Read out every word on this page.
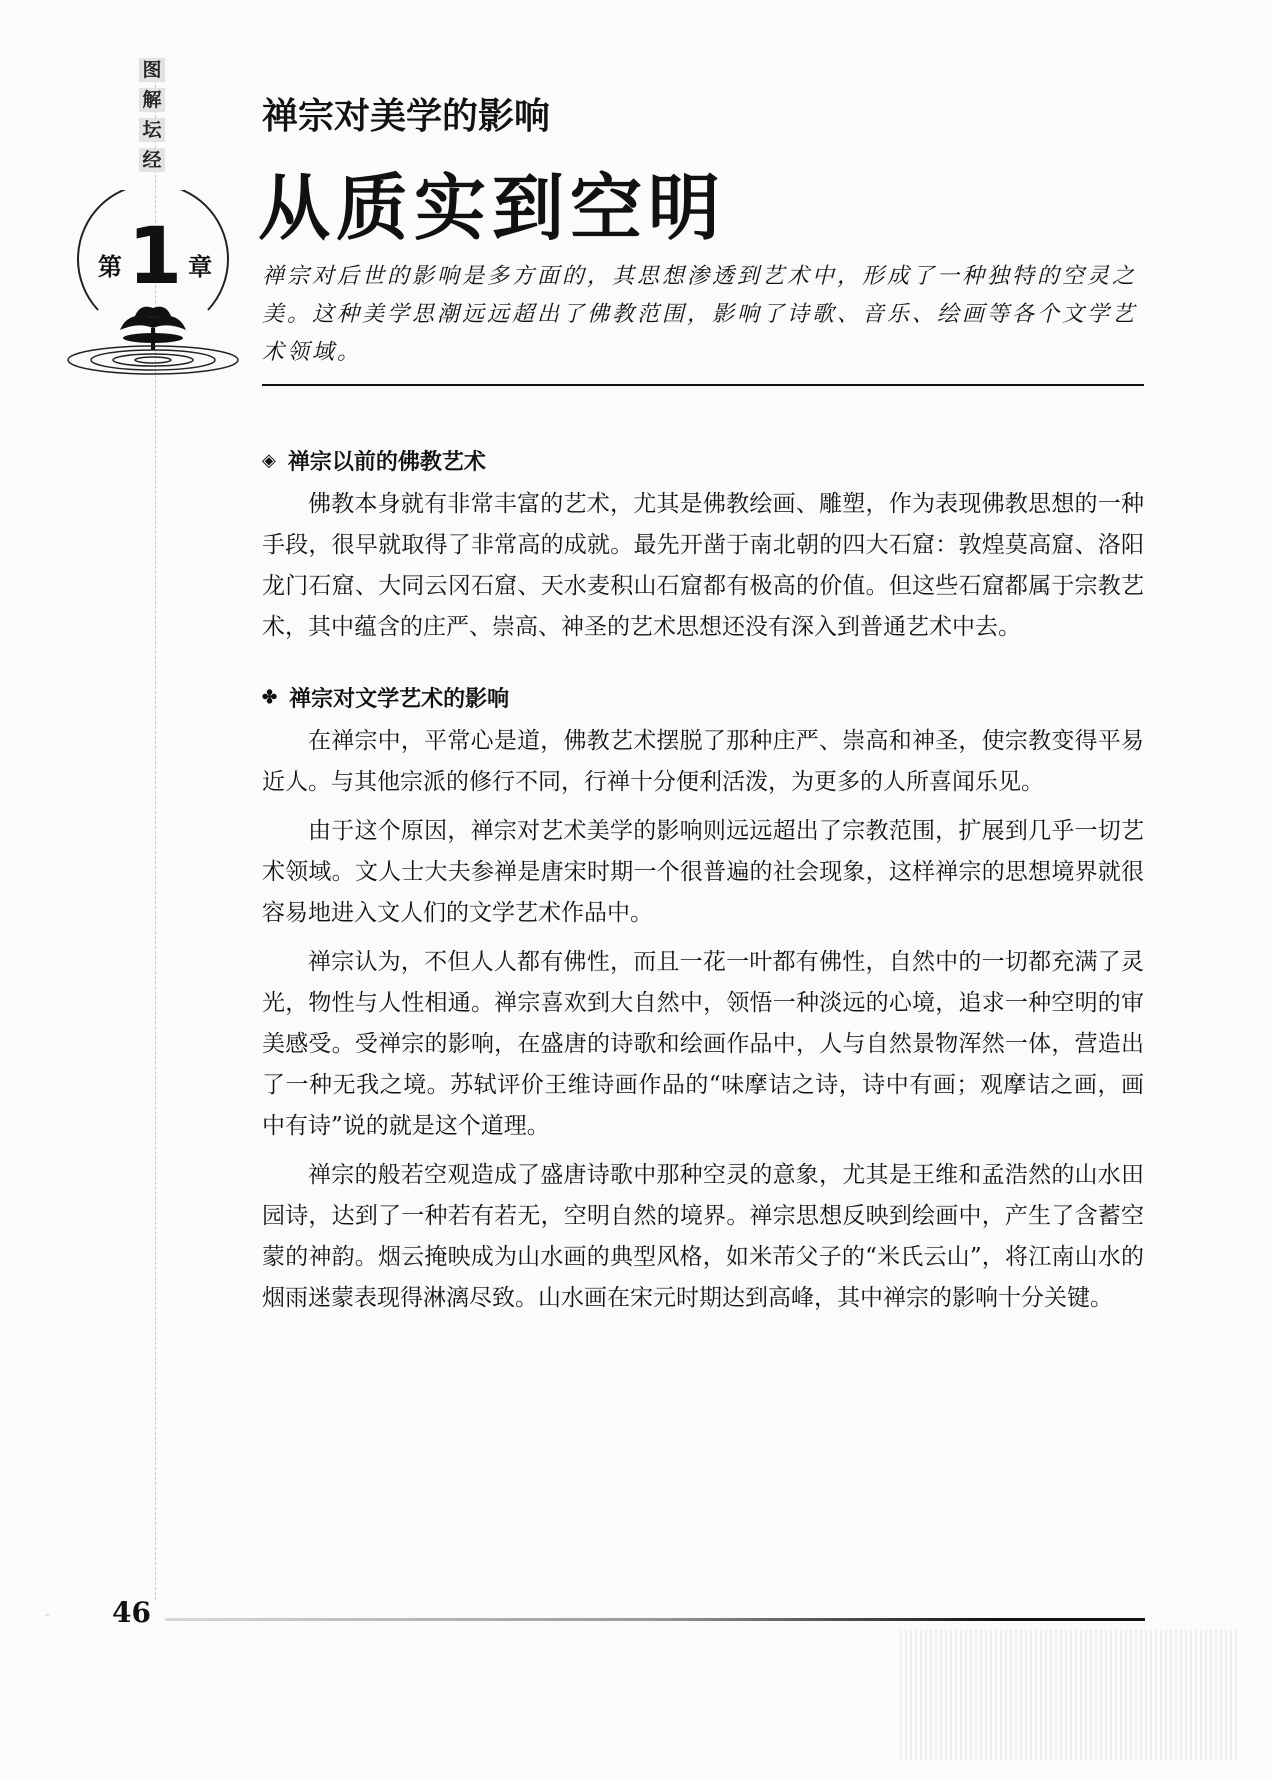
图
解
坛
经
第 1 章
禅宗对美学的影响
从质实到空明

禅宗对后世的影响是多方面的，其思想渗透到艺术中，形成了一种独特的空灵之美。这种美学思潮远远超出了佛教范围，影响了诗歌、音乐、绘画等各个文学艺术领域。

◈ 禅宗以前的佛教艺术

佛教本身就有非常丰富的艺术，尤其是佛教绘画、雕塑，作为表现佛教思想的一种手段，很早就取得了非常高的成就。最先开凿于南北朝的四大石窟：敦煌莫高窟、洛阳龙门石窟、大同云冈石窟、天水麦积山石窟都有极高的价值。但这些石窟都属于宗教艺术，其中蕴含的庄严、崇高、神圣的艺术思想还没有深入到普通艺术中去。

✤ 禅宗对文学艺术的影响

在禅宗中，平常心是道，佛教艺术摆脱了那种庄严、崇高和神圣，使宗教变得平易近人。与其他宗派的修行不同，行禅十分便利活泼，为更多的人所喜闻乐见。

由于这个原因，禅宗对艺术美学的影响则远远超出了宗教范围，扩展到几乎一切艺术领域。文人士大夫参禅是唐宋时期一个很普遍的社会现象，这样禅宗的思想境界就很容易地进入文人们的文学艺术作品中。

禅宗认为，不但人人都有佛性，而且一花一叶都有佛性，自然中的一切都充满了灵光，物性与人性相通。禅宗喜欢到大自然中，领悟一种淡远的心境，追求一种空明的审美感受。受禅宗的影响，在盛唐的诗歌和绘画作品中，人与自然景物浑然一体，营造出了一种无我之境。苏轼评价王维诗画作品的“味摩诘之诗，诗中有画；观摩诘之画，画中有诗”说的就是这个道理。

禅宗的般若空观造成了盛唐诗歌中那种空灵的意象，尤其是王维和孟浩然的山水田园诗，达到了一种若有若无，空明自然的境界。禅宗思想反映到绘画中，产生了含蓄空蒙的神韵。烟云掩映成为山水画的典型风格，如米芾父子的“米氏云山”，将江南山水的烟雨迷蒙表现得淋漓尽致。山水画在宋元时期达到高峰，其中禅宗的影响十分关键。

46
